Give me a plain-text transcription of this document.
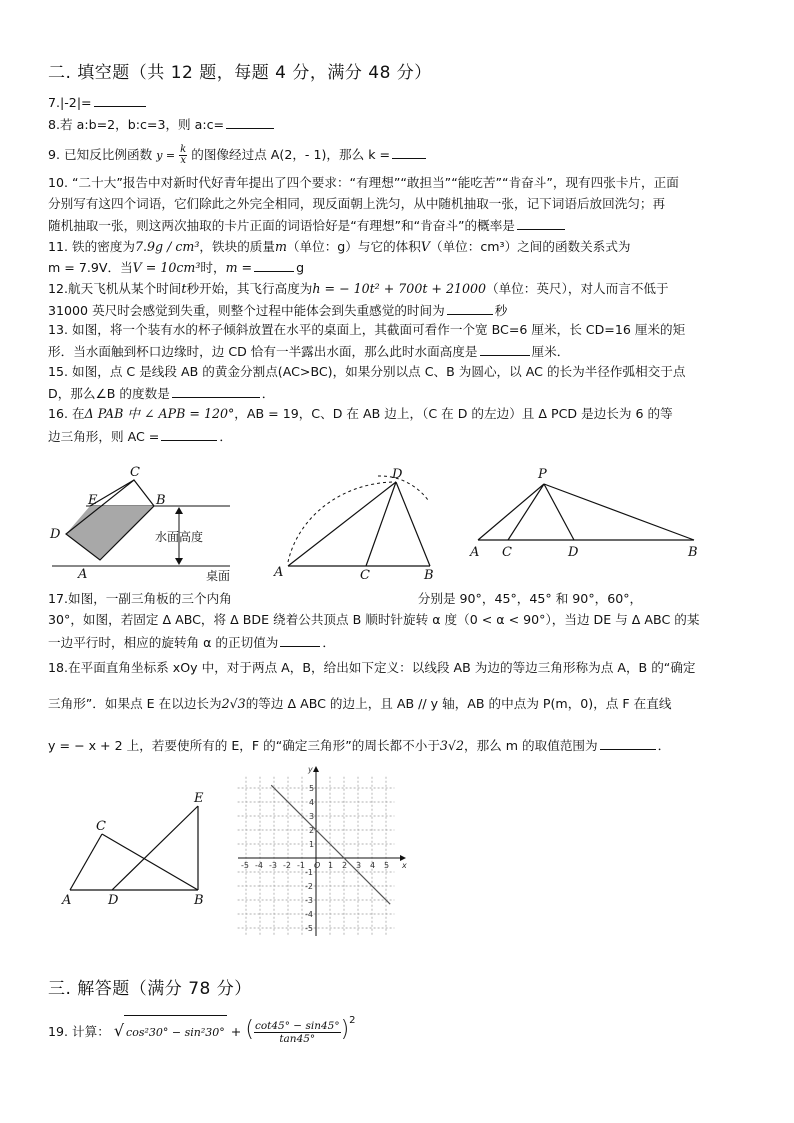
二. 填空题（共 12 题，每题 4 分，满分 48 分）
7.|-2|=
8.若 a:b=2，b:c=3，则 a:c=
9. 已知反比例函数 $y = \frac{k}{x}$ 的图像经过点 A(2，- 1)，那么 k =
10. “二十大”报告中对新时代好青年提出了四个要求：“有理想”“敢担当”“能吃苦”“肯奋斗”，现有四张卡片，正面
分别写有这四个词语，它们除此之外完全相同，现反面朝上洗匀，从中随机抽取一张，记下词语后放回洗匀；再
随机抽取一张，则这两次抽取的卡片正面的词语恰好是“有理想”和“肯奋斗”的概率是
11. 铁的密度为7.9g / cm³，铁块的质量m（单位：g）与它的体积V（单位：cm³）之间的函数关系式为
m = 7.9V．当V = 10cm³时，m =	g
12.航天飞机从某个时间t秒开始，其飞行高度为h = − 10t² + 700t + 21000（单位：英尺），对人而言不低于
31000 英尺时会感觉到失重，则整个过程中能体会到失重感觉的时间为	秒
13. 如图，将一个装有水的杯子倾斜放置在水平的桌面上，其截面可看作一个宽 BC=6 厘米，长 CD=16 厘米的矩
形．当水面触到杯口边缘时，边 CD 恰有一半露出水面，那么此时水面高度是	厘米．
15. 如图，点 C 是线段 AB 的黄金分割点(AC>BC)，如果分别以点 C、B 为圆心，以 AC 的长为半径作弧相交于点
D，那么∠B 的度数是	．
16. 在Δ PAB 中 ∠ APB = 120°，AB = 19，C、D 在 AB 边上，（C 在 D 的左边）且 Δ PCD 是边长为 6 的等
边三角形，则 AC =	．
C
E	B
D
A
水面高度
桌面
D
A	C	B
P
A C	D	B
17.如图，一副三角板的三个内角	分别是 90°，45°，45° 和 90°，60°，
30°，如图，若固定 Δ ABC，将 Δ BDE 绕着公共顶点 B 顺时针旋转 α 度（0 < α < 90°），当边 DE 与 Δ ABC 的某
一边平行时，相应的旋转角 α 的正切值为	．
18.在平面直角坐标系 xOy 中，对于两点 A，B，给出如下定义：以线段 AB 为边的等边三角形称为点 A，B 的“确定
三角形”．如果点 E 在以边长为2√3的等边 Δ ABC 的边上，且 AB // y 轴，AB 的中点为 P(m，0)，点 F 在直线
y = − x + 2 上，若要使所有的 E，F 的“确定三角形”的周长都不小于3√2，那么 m 的取值范围为	．
E
C
A	D	B
-5 -4 -3 -2 -1 O 1 2 3 4 5
5
4
3
2
1
-1
-2
-3
-4
-5
x
y
三. 解答题（满分 78 分）
19. 计算： √ cos²30° − sin²30° + ( $\frac{\cot 45^\circ - \sin 45^\circ}{\tan 45^\circ} )^2$
